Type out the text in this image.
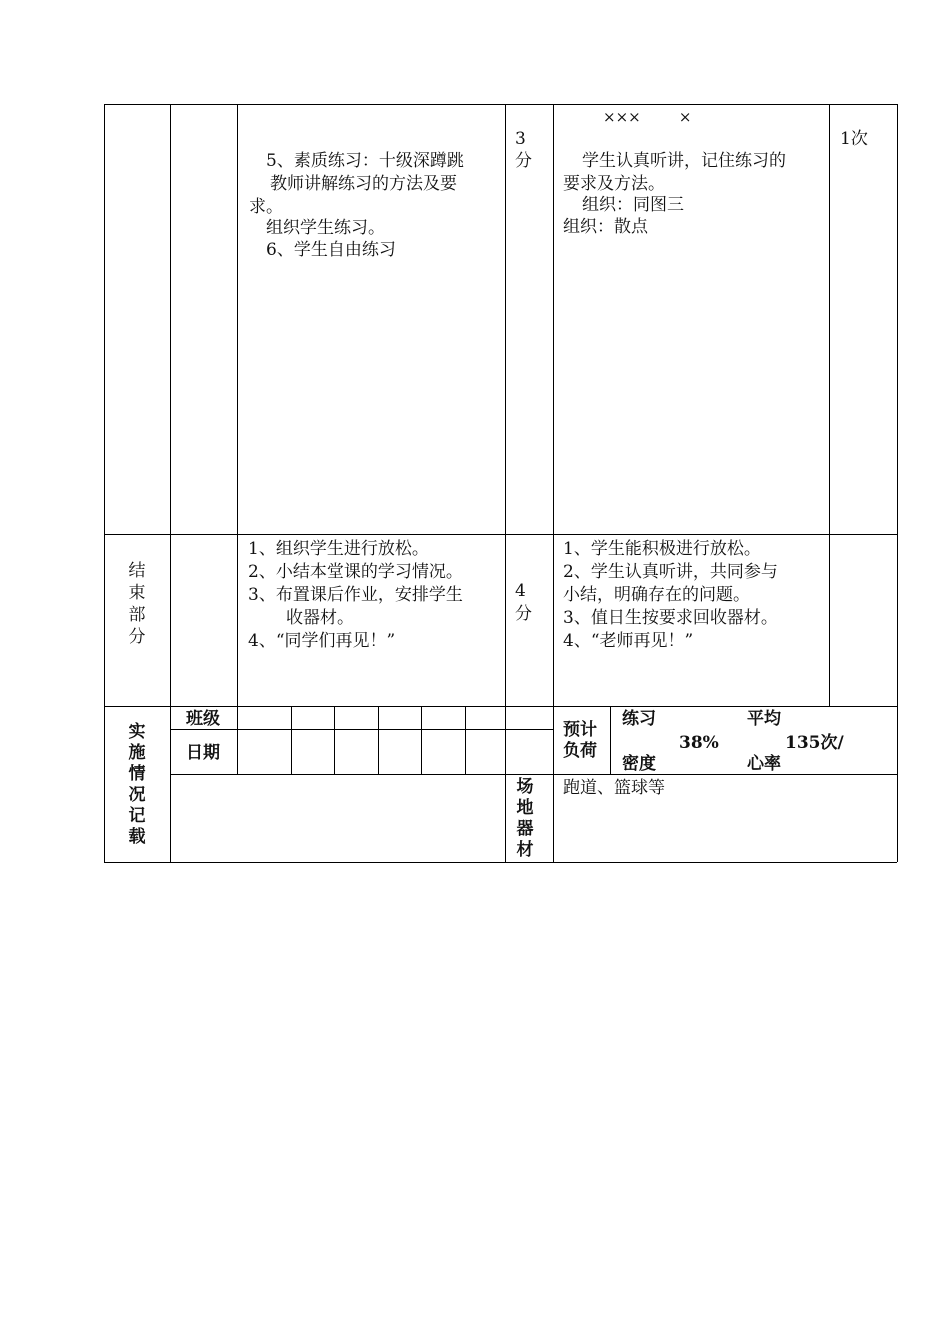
5、素质练习：十级深蹲跳
教师讲解练习的方法及要
求。
组织学生练习。
6、学生自由练习
3
分
×××        ×
学生认真听讲，记住练习的
要求及方法。
组织：同图三
组织：散点
1次
结束部分
1、组织学生进行放松。
2、小结本堂课的学习情况。
3、布置课后作业，安排学生
收器材。
4、“同学们再见！”
4
分
1、学生能积极进行放松。
2、学生认真听讲，共同参与
小结，明确存在的问题。
3、值日生按要求回收器材。
4、“老师再见！”
实施情况记载
班级
日期
预计负荷
练习
38%
密度
平均
135次/
心率
场地器材
跑道、篮球等
